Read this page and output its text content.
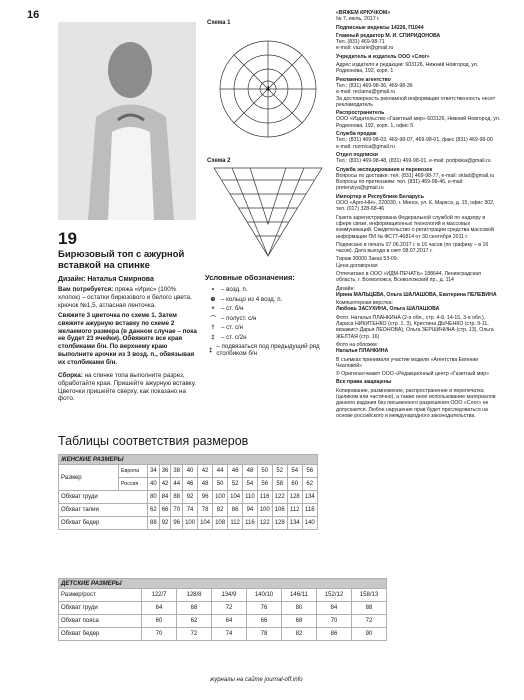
16
Схема 1
4
Схема 2
19
Бирюзовый топ с ажурной вставкой на спинке
Дизайн: Наталья Смирнова
Вам потребуется: пряжа «Ирис» (100% хлопок) – остатки бирюзового и белого цвета, крючок №1,5, атласная ленточка.
Свяжите 3 цветочка по схеме 1. Затем свяжите ажурную вставку по схеме 2 желаемого размера (в данном случае – пока не будет 23 ячейки). Обвяжите все края столбиками б/н. По верхнему краю выполните арочки из 3 возд. п., обвязывая их столбиками б/н.
Сборка: на спинке топа выполните разрез, обработайте края. Пришейте ажурную вставку. Цветочки пришейте сверху, как показано на фото.
Условные обозначения:
•	– возд. п.
⊛ – кольцо из 4 возд. п.
+ – ст. б/н
⌒ – полуст. с/н
†	– ст. с/н
‡	– ст. с/2н
‡ – подвязаться под предыдущий ряд столбиком б/н
«ВЯЖЕМ КРЮЧКОМ»
№ 7, июль, 2017 г.
Подписные индексы 14226, П1044
Главный редактор М. И. СПИРИДОНОВА
Тел. (831) 469-98-71
e-mail: vazarie@gmail.ru
Учредитель и издатель ООО «Слог»
Адрес издателя и редакции: 603126, Нижний Новгород, ул. Родионова, 192, корп. 1
Рекламное агентство
Тел.: (831) 469-98-36, 469-98-36
e-mail: reclama@gmail.ru
За достоверность рекламной информации ответственность несет рекламодатель
Распространитель
ООО «Издательство «Газетный мир» 603126, Нижний Новгород, ул. Родионова, 192, корп. 1, офис 5
Служба продаж
Тел.: (831) 469-98-03, 469-98-07, 469-98-01, факс (831) 469-98-00
e-mail: rozmica@gmail.ru
Отдел подписки
Тел.: (831) 469-98-48, (831) 469-98-01, e-mail: podpiska@gmail.ru
Служба экспедирования и перевозок
Вопросы по доставке: тел. (831) 469-98-77, e-mail: sklad@gmail.ru
Вопросы по претензиям: тел. (831) 469-98-46, e-mail: pretenziya@gmail.ru
Импортер в Республике Беларусь
ООО «Арго-НН», 220030, г. Минск, ул. К. Маркса, д. 15, офис 302, тел. (017) 328-68-46
Газета зарегистрирована Федеральной службой по надзору в сфере связи, информационных технологий и массовых коммуникаций. Свидетельство о регистрации средства массовой информации ПИ № ФС77-46814 от 30 сентября 2011 г.
Подписано в печать 07.06.2017 г. в 16 часов (по графику – в 16 часов). Дата выхода в свет 08.07.2017 г.
Тираж 30000 Заказ 53-09.
Цена договорная
Отпечатано в ООО «ИДМ-ПЕЧАТЬ» 188644, Ленинградская область, г. Всеволожск, Всеволожский пр., д. 114
Дизайн:
Ирина МАЛЬЦЕВА, Ольга ШАЛАШОВА, Екатерина ПЕЛЕВИНА
Компьютерная верстка:
Любовь ЗАСУХИНА, Ольга ШАЛАШОВА
Фото: Наталья ПЛАНКИНА (2-я обл., стр. 4-8, 14-15, 3-я обл.), Лариса НИКИТЕНКО (стр. 1, 3), Кристина ДЫЧЕНКО (стр. 9-11, визажист Дарья ЛЕОНОВА), Ольга ЗЕРШИНИНА (стр. 13), Ольга ЖЕЛТАЯ (стр. 16)
Фото на обложке:
Наталья ПЛАНКИНА
В съемках принимали участие модели «Агентства Евгении Чкаловой»
© Оригинал-макет ООО «Редакционный центр «Газетный мир»
Все права защищены
Копирование, размножение, распространение и перепечатка (целиком или частично), а также иное использование материалов данного издания без письменного разрешения ООО «Слог» не допускается. Любое нарушение прав будет преследоваться на основе российского и международного законодательства.
Таблицы соответствия размеров
ЖЕНСКИЕ РАЗМЕРЫ													
Размер	Европа	34	36	38	40	42	44	46	48	50	52	54	56
	Россия	40	42	44	46	48	50	52	54	56	58	60	62
Обхват груди		80	84	88	92	96	100	104	110	116	122	128	134
Обхват талии		62	66	70	74	78	82	86	94	100	106	112	118
Обхват бедер		88	92	96	100	104	108	112	116	122	128	134	140
ДЕТСКИЕ РАЗМЕРЫ							
Размер/рост	122/7	128/8	134/9	140/10	146/11	152/12	158/13
Обхват груди	64	68	72	76	80	84	88
Обхват пояса	60	62	64	66	68	70	72
Обхват бедер	70	72	74	78	82	86	90
журналы на сайте journal-off.info
